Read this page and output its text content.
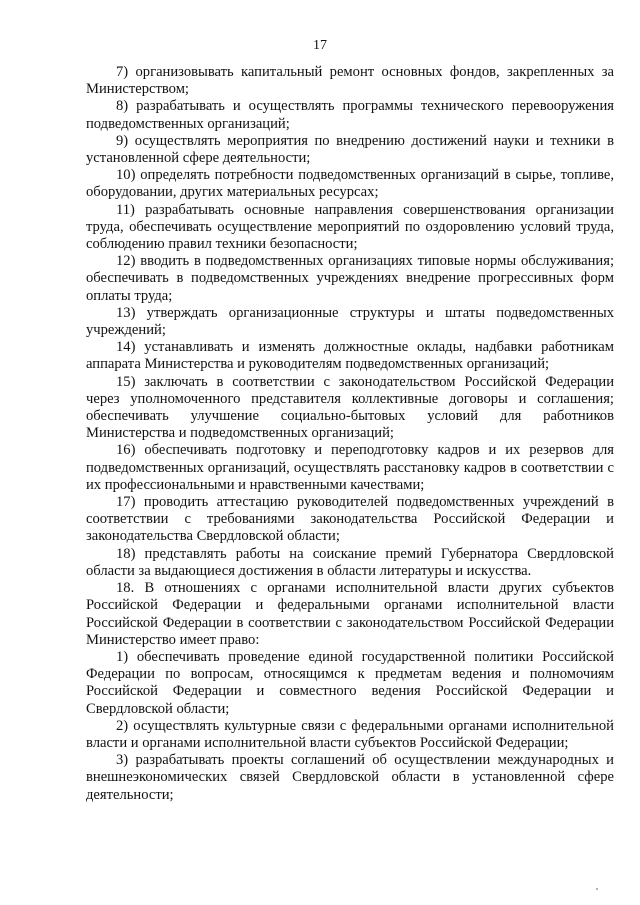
17

7) организовывать капитальный ремонт основных фондов, закрепленных за Министерством;

8) разрабатывать и осуществлять программы технического перевооружения подведомственных организаций;

9) осуществлять мероприятия по внедрению достижений науки и техники в установленной сфере деятельности;

10) определять потребности подведомственных организаций в сырье, топливе, оборудовании, других материальных ресурсах;

11) разрабатывать основные направления совершенствования организации труда, обеспечивать осуществление мероприятий по оздоровлению условий труда, соблюдению правил техники безопасности;

12) вводить в подведомственных организациях типовые нормы обслуживания; обеспечивать в подведомственных учреждениях внедрение прогрессивных форм оплаты труда;

13) утверждать организационные структуры и штаты подведомственных учреждений;

14) устанавливать и изменять должностные оклады, надбавки работникам аппарата Министерства и руководителям подведомственных организаций;

15) заключать в соответствии с законодательством Российской Федерации через уполномоченного представителя коллективные договоры и соглашения; обеспечивать улучшение социально-бытовых условий для работников Министерства и подведомственных организаций;

16) обеспечивать подготовку и переподготовку кадров и их резервов для подведомственных организаций, осуществлять расстановку кадров в соответствии с их профессиональными и нравственными качествами;

17) проводить аттестацию руководителей подведомственных учреждений в соответствии с требованиями законодательства Российской Федерации и законодательства Свердловской области;

18) представлять работы на соискание премий Губернатора Свердловской области за выдающиеся достижения в области литературы и искусства.

18. В отношениях с органами исполнительной власти других субъектов Российской Федерации и федеральными органами исполнительной власти Российской Федерации в соответствии с законодательством Российской Федерации Министерство имеет право:

1) обеспечивать проведение единой государственной политики Российской Федерации по вопросам, относящимся к предметам ведения и полномочиям Российской Федерации и совместного ведения Российской Федерации и Свердловской области;

2) осуществлять культурные связи с федеральными органами исполнительной власти и органами исполнительной власти субъектов Российской Федерации;

3) разрабатывать проекты соглашений об осуществлении международных и внешнеэкономических связей Свердловской области в установленной сфере деятельности;
